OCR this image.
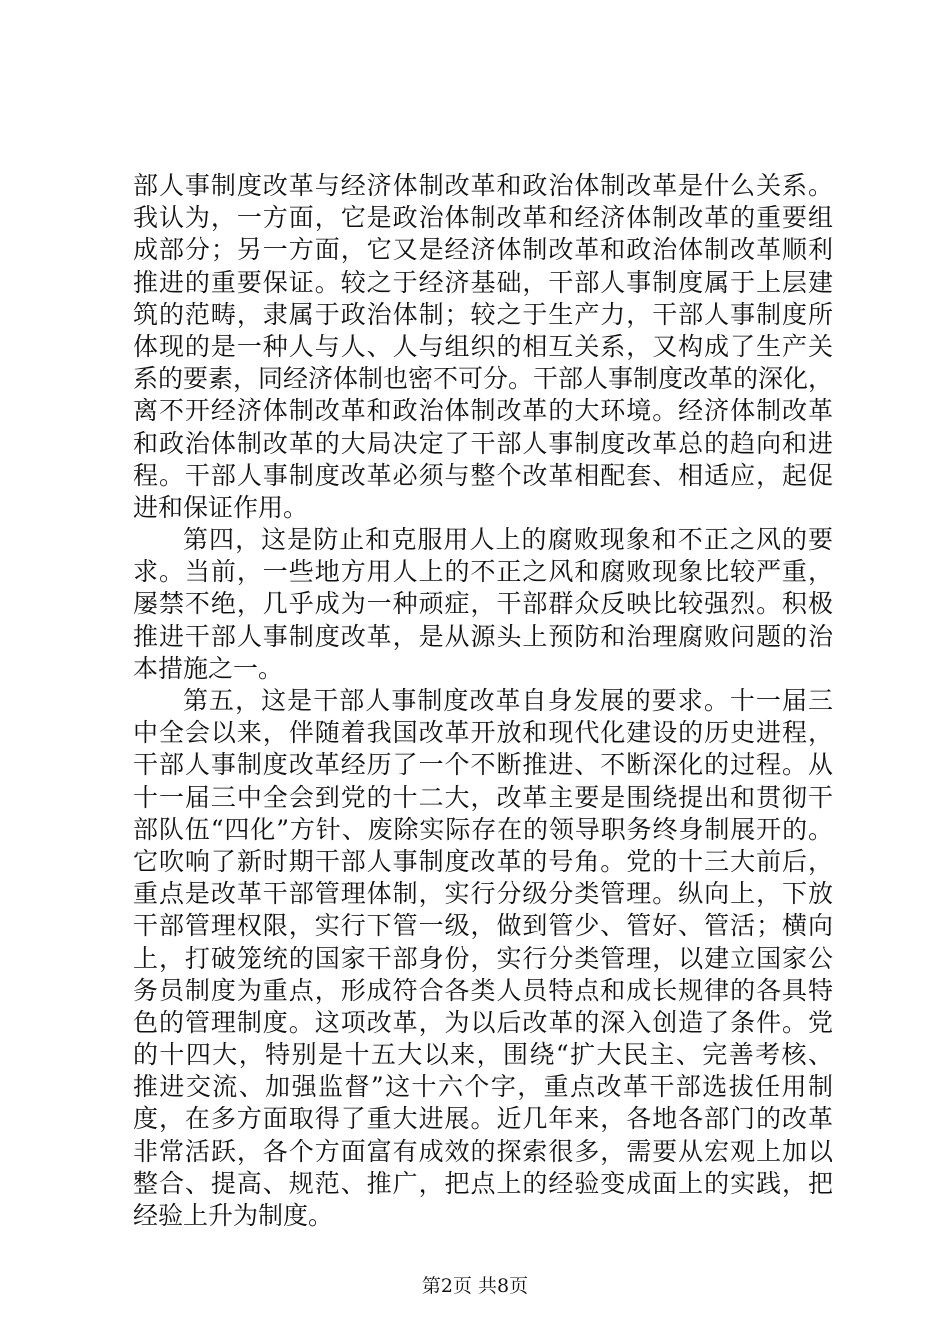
部人事制度改革与经济体制改革和政治体制改革是什么关系。
我认为，一方面，它是政治体制改革和经济体制改革的重要组
成部分；另一方面，它又是经济体制改革和政治体制改革顺利
推进的重要保证。较之于经济基础，干部人事制度属于上层建
筑的范畴，隶属于政治体制；较之于生产力，干部人事制度所
体现的是一种人与人、人与组织的相互关系，又构成了生产关
系的要素，同经济体制也密不可分。干部人事制度改革的深化，
离不开经济体制改革和政治体制改革的大环境。经济体制改革
和政治体制改革的大局决定了干部人事制度改革总的趋向和进
程。干部人事制度改革必须与整个改革相配套、相适应，起促
进和保证作用。
第四，这是防止和克服用人上的腐败现象和不正之风的要
求。当前，一些地方用人上的不正之风和腐败现象比较严重，
屡禁不绝，几乎成为一种顽症，干部群众反映比较强烈。积极
推进干部人事制度改革，是从源头上预防和治理腐败问题的治
本措施之一。
第五，这是干部人事制度改革自身发展的要求。十一届三
中全会以来，伴随着我国改革开放和现代化建设的历史进程，
干部人事制度改革经历了一个不断推进、不断深化的过程。从
十一届三中全会到党的十二大，改革主要是围绕提出和贯彻干
部队伍“四化”方针、废除实际存在的领导职务终身制展开的。
它吹响了新时期干部人事制度改革的号角。党的十三大前后，
重点是改革干部管理体制，实行分级分类管理。纵向上，下放
干部管理权限，实行下管一级，做到管少、管好、管活；横向
上，打破笼统的国家干部身份，实行分类管理，以建立国家公
务员制度为重点，形成符合各类人员特点和成长规律的各具特
色的管理制度。这项改革，为以后改革的深入创造了条件。党
的十四大，特别是十五大以来，围绕“扩大民主、完善考核、
推进交流、加强监督”这十六个字，重点改革干部选拔任用制
度，在多方面取得了重大进展。近几年来，各地各部门的改革
非常活跃，各个方面富有成效的探索很多，需要从宏观上加以
整合、提高、规范、推广，把点上的经验变成面上的实践，把
经验上升为制度。
第2页 共8页
